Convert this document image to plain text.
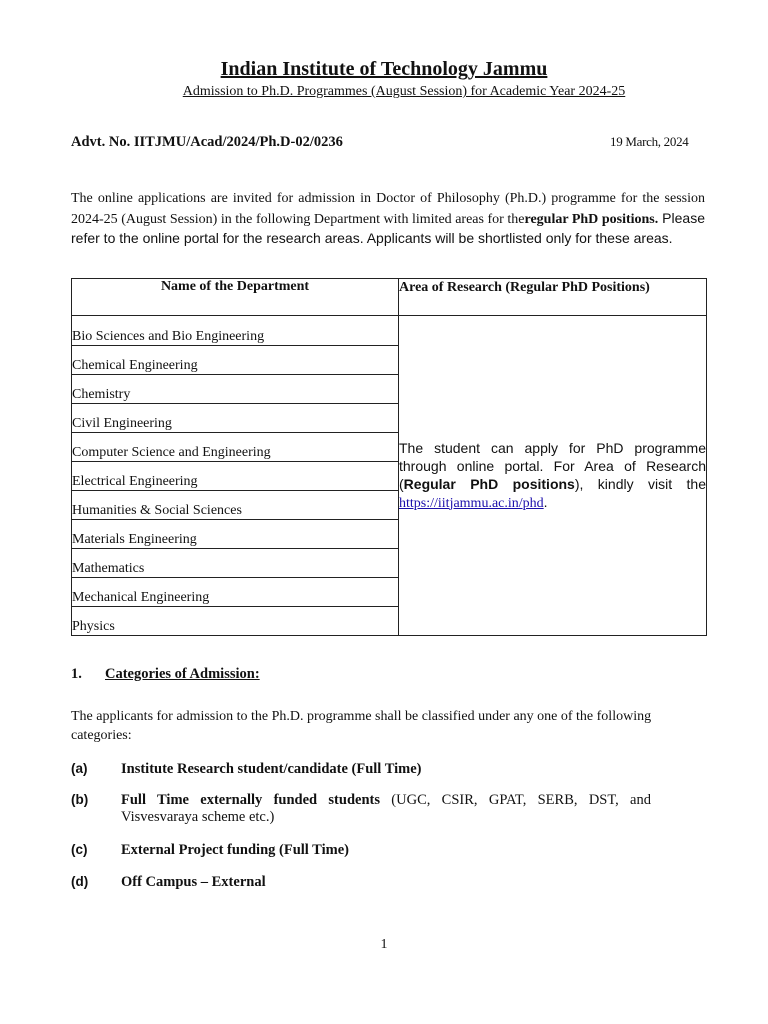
Indian Institute of Technology Jammu
Admission to Ph.D. Programmes (August Session) for Academic Year 2024-25
Advt. No. IITJMU/Acad/2024/Ph.D-02/0236	19 March, 2024
The online applications are invited for admission in Doctor of Philosophy (Ph.D.) programme for the session 2024-25 (August Session) in the following Department with limited areas for theregular PhD positions. Please refer to the online portal for the research areas. Applicants will be shortlisted only for these areas.
Name of the Department	Area of Research (Regular PhD Positions)
Bio Sciences and Bio Engineering	The student can apply for PhD programme through online portal. For Area of Research (Regular PhD positions), kindly visit the https://iitjammu.ac.in/phd.
Chemical Engineering	
Chemistry	
Civil Engineering	
Computer Science and Engineering	
Electrical Engineering	
Humanities & Social Sciences	
Materials Engineering	
Mathematics	
Mechanical Engineering	
Physics	
1. Categories of Admission:
The applicants for admission to the Ph.D. programme shall be classified under any one of the following categories:
(a) Institute Research student/candidate (Full Time)
(b) Full Time externally funded students (UGC, CSIR, GPAT, SERB, DST, and Visvesvaraya scheme etc.)
(c) External Project funding (Full Time)
(d) Off Campus – External
1
